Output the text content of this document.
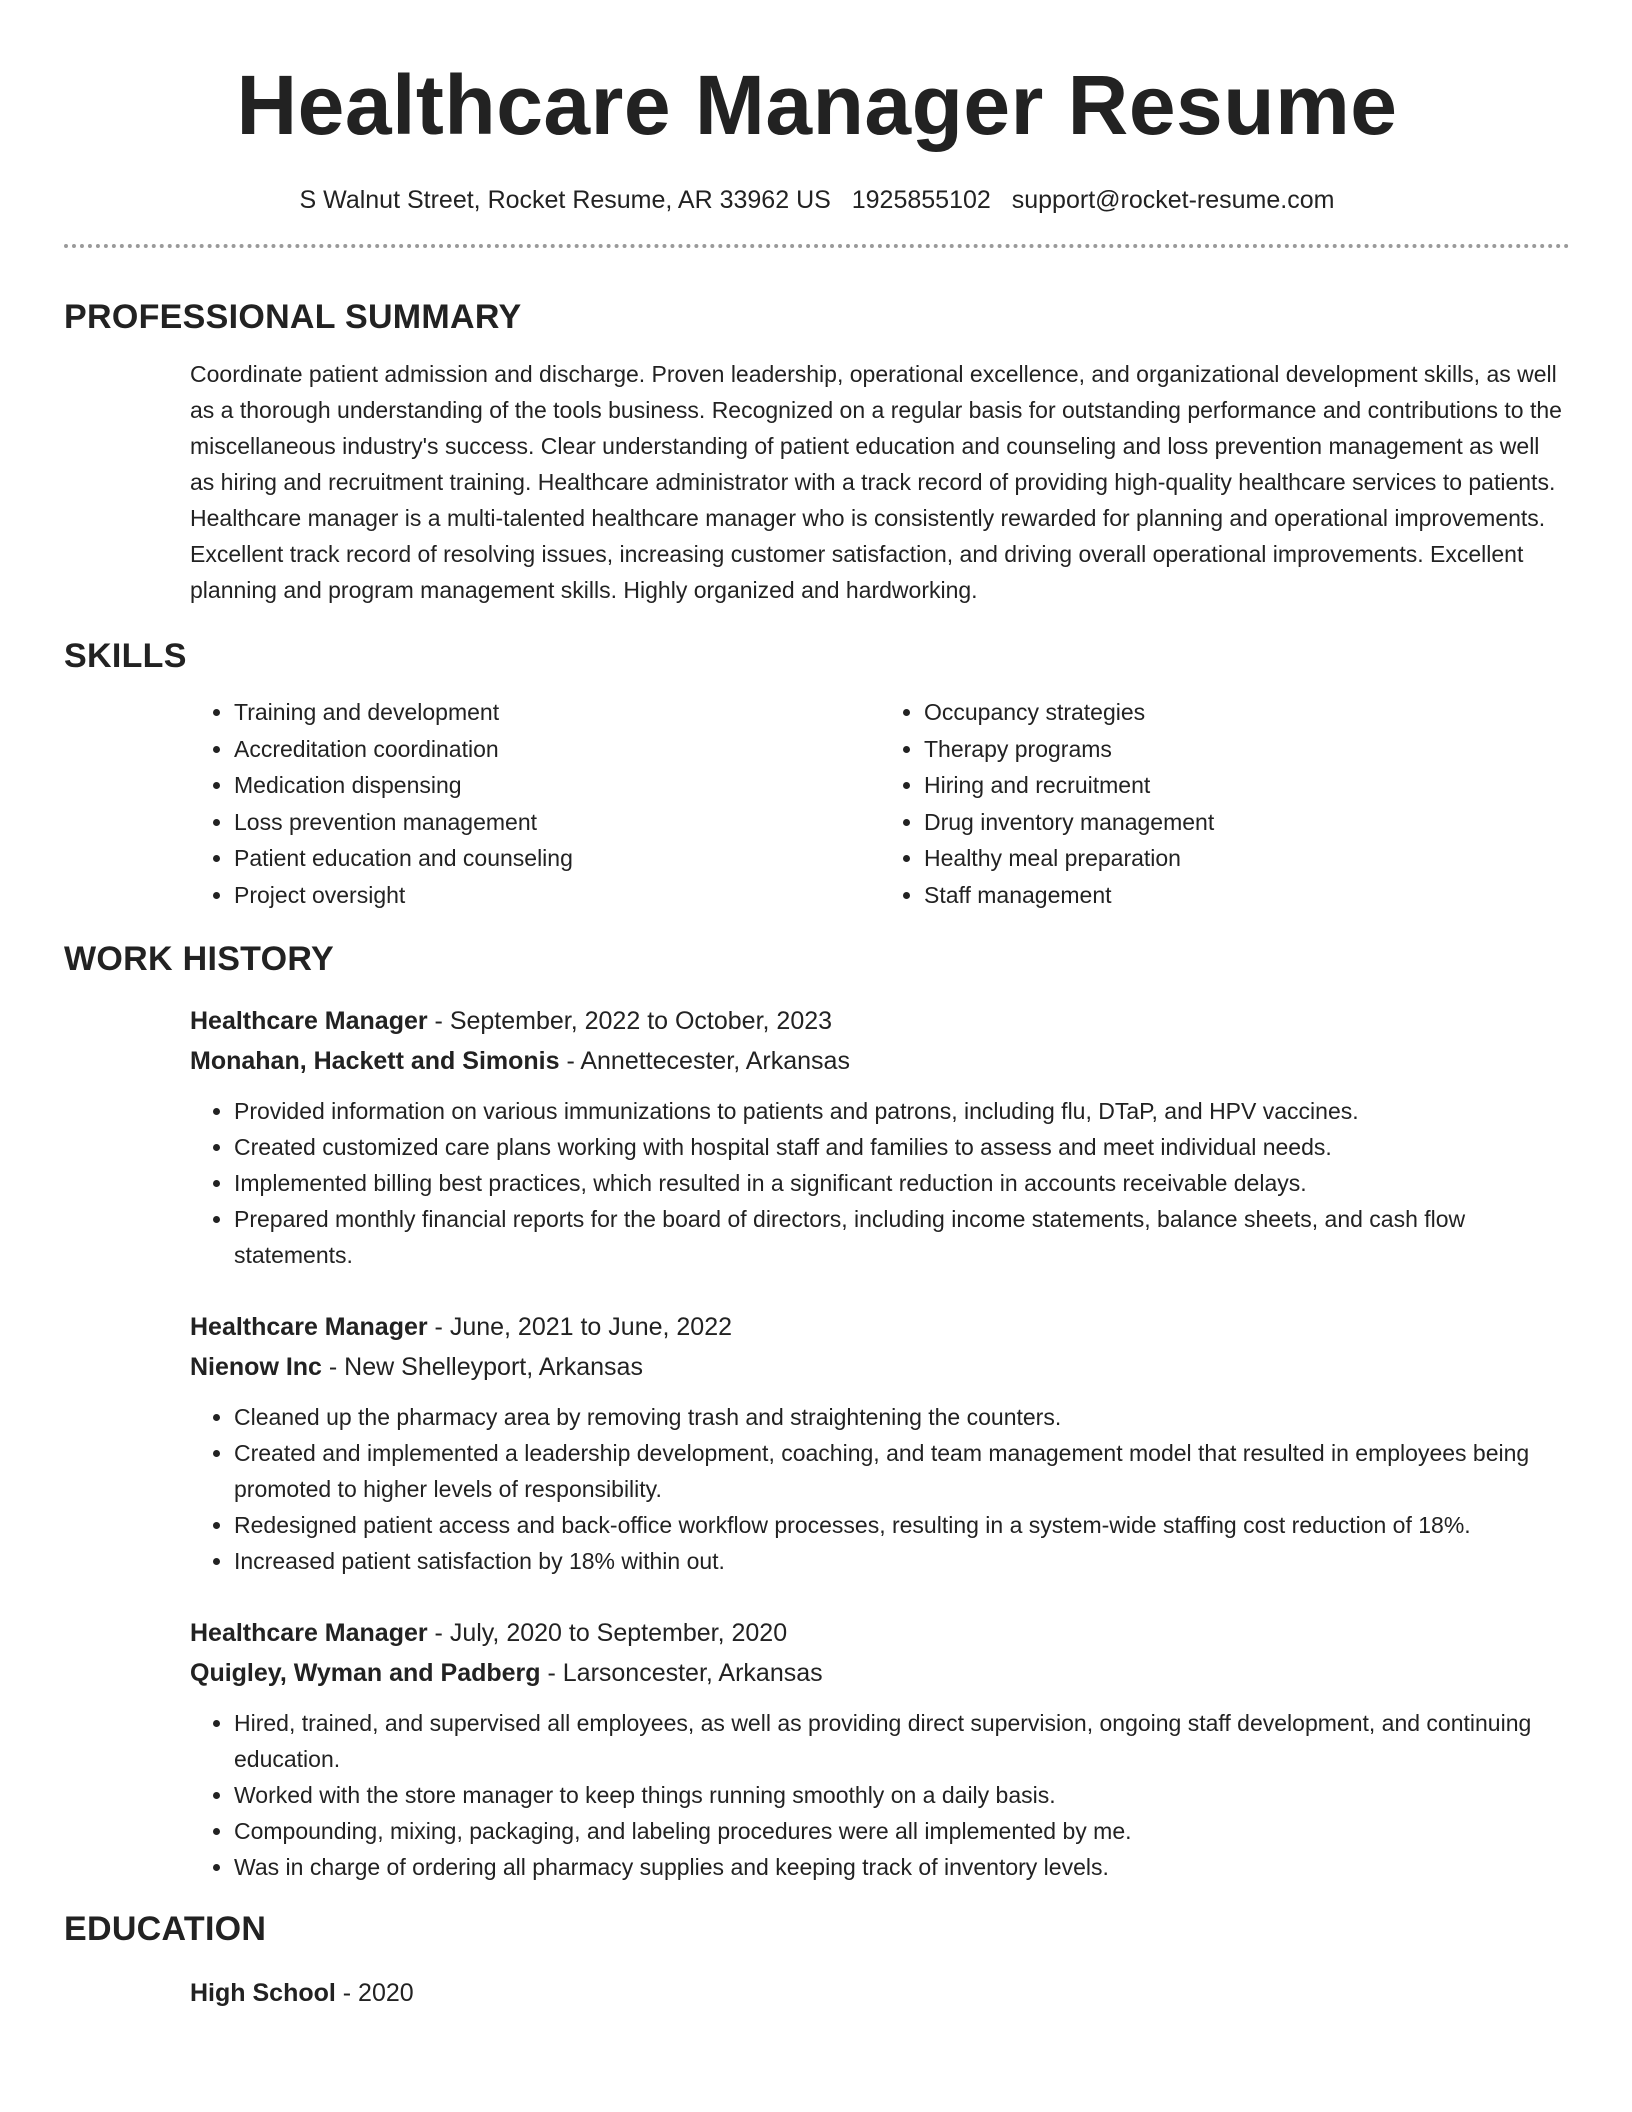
Healthcare Manager Resume
S Walnut Street, Rocket Resume, AR 33962 US 1925855102 support@rocket-resume.com
PROFESSIONAL SUMMARY
Coordinate patient admission and discharge. Proven leadership, operational excellence, and organizational development skills, as well as a thorough understanding of the tools business. Recognized on a regular basis for outstanding performance and contributions to the miscellaneous industry's success. Clear understanding of patient education and counseling and loss prevention management as well as hiring and recruitment training. Healthcare administrator with a track record of providing high-quality healthcare services to patients. Healthcare manager is a multi-talented healthcare manager who is consistently rewarded for planning and operational improvements. Excellent track record of resolving issues, increasing customer satisfaction, and driving overall operational improvements. Excellent planning and program management skills. Highly organized and hardworking.
SKILLS
• Training and development
• Accreditation coordination
• Medication dispensing
• Loss prevention management
• Patient education and counseling
• Project oversight
• Occupancy strategies
• Therapy programs
• Hiring and recruitment
• Drug inventory management
• Healthy meal preparation
• Staff management
WORK HISTORY
Healthcare Manager - September, 2022 to October, 2023
Monahan, Hackett and Simonis - Annettecester, Arkansas
• Provided information on various immunizations to patients and patrons, including flu, DTaP, and HPV vaccines.
• Created customized care plans working with hospital staff and families to assess and meet individual needs.
• Implemented billing best practices, which resulted in a significant reduction in accounts receivable delays.
• Prepared monthly financial reports for the board of directors, including income statements, balance sheets, and cash flow statements.
Healthcare Manager - June, 2021 to June, 2022
Nienow Inc - New Shelleyport, Arkansas
• Cleaned up the pharmacy area by removing trash and straightening the counters.
• Created and implemented a leadership development, coaching, and team management model that resulted in employees being promoted to higher levels of responsibility.
• Redesigned patient access and back-office workflow processes, resulting in a system-wide staffing cost reduction of 18%.
• Increased patient satisfaction by 18% within out.
Healthcare Manager - July, 2020 to September, 2020
Quigley, Wyman and Padberg - Larsoncester, Arkansas
• Hired, trained, and supervised all employees, as well as providing direct supervision, ongoing staff development, and continuing education.
• Worked with the store manager to keep things running smoothly on a daily basis.
• Compounding, mixing, packaging, and labeling procedures were all implemented by me.
• Was in charge of ordering all pharmacy supplies and keeping track of inventory levels.
EDUCATION
High School - 2020
